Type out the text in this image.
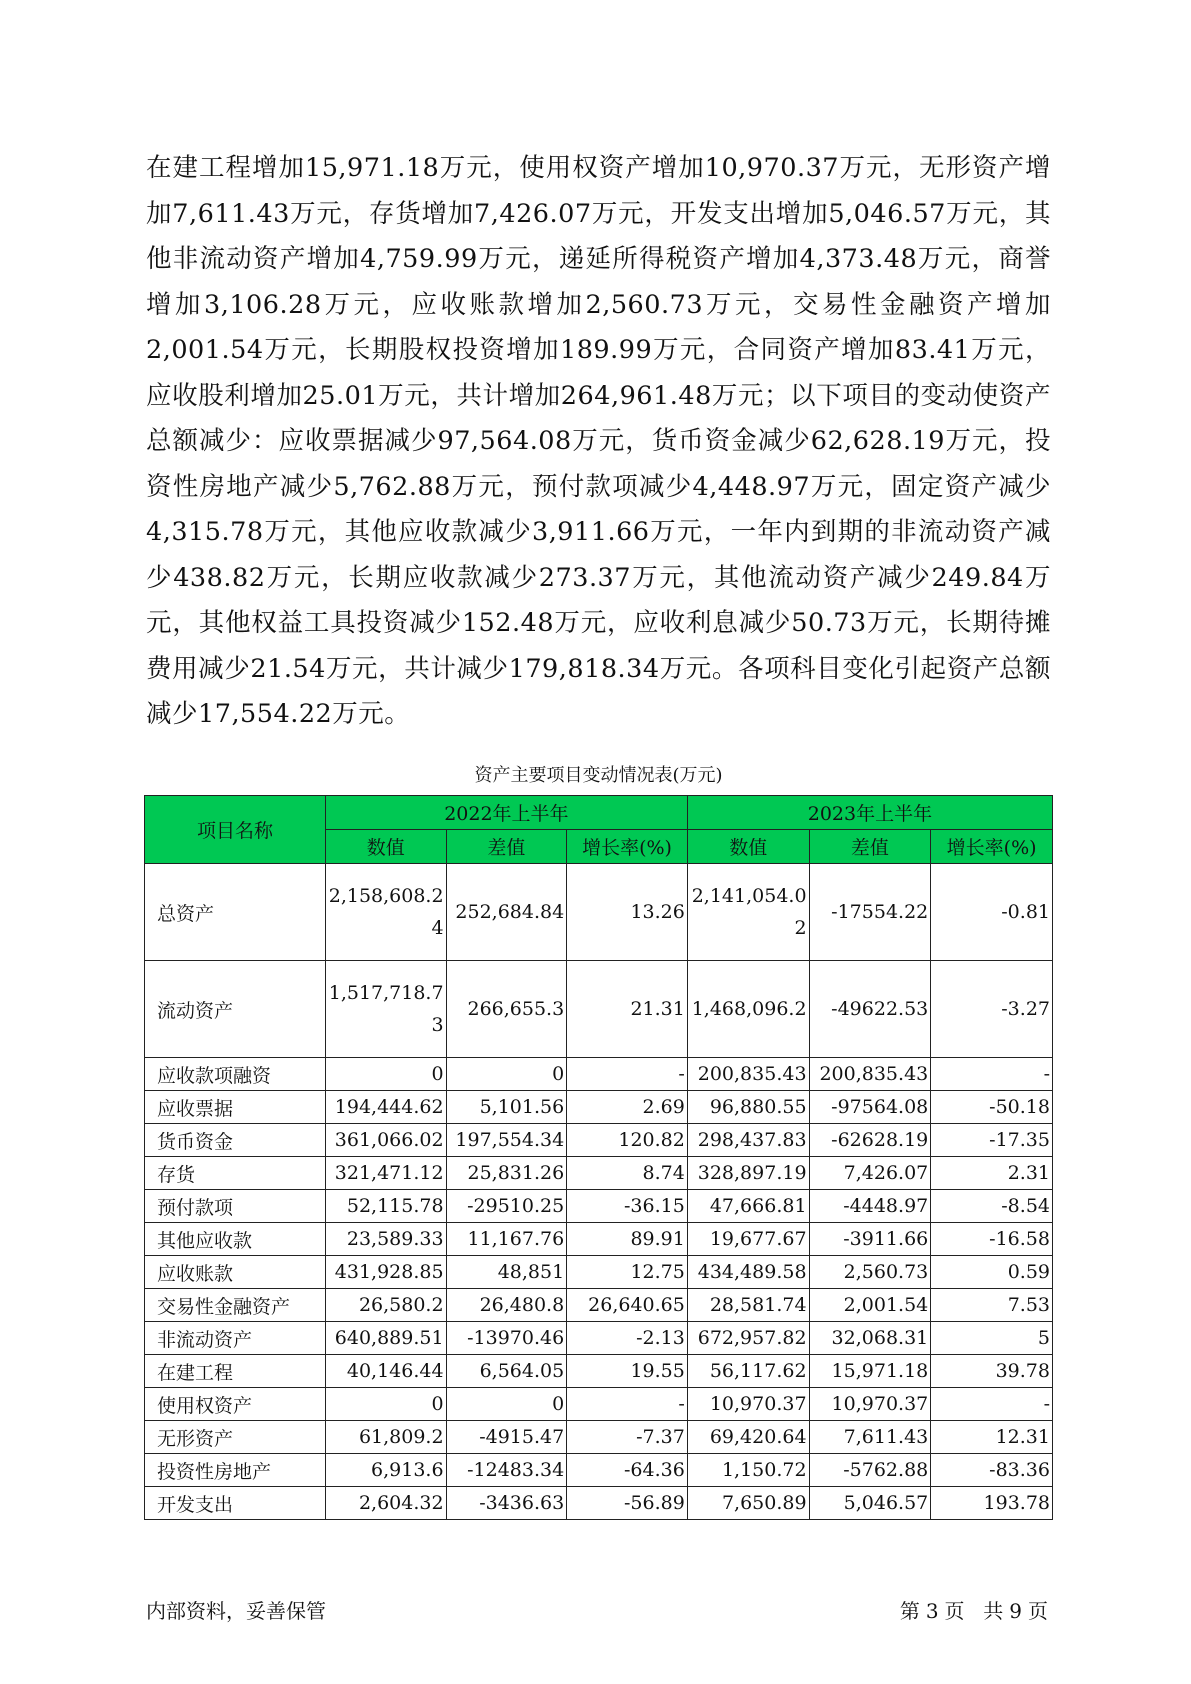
在建工程增加15,971.18万元，使用权资产增加10,970.37万元，无形资产增加7,611.43万元，存货增加7,426.07万元，开发支出增加5,046.57万元，其他非流动资产增加4,759.99万元，递延所得税资产增加4,373.48万元，商誉增加3,106.28万元，应收账款增加2,560.73万元，交易性金融资产增加2,001.54万元，长期股权投资增加189.99万元，合同资产增加83.41万元，应收股利增加25.01万元，共计增加264,961.48万元；以下项目的变动使资产总额减少：应收票据减少97,564.08万元，货币资金减少62,628.19万元，投资性房地产减少5,762.88万元，预付款项减少4,448.97万元，固定资产减少4,315.78万元，其他应收款减少3,911.66万元，一年内到期的非流动资产减少438.82万元，长期应收款减少273.37万元，其他流动资产减少249.84万元，其他权益工具投资减少152.48万元，应收利息减少50.73万元，长期待摊费用减少21.54万元，共计减少179,818.34万元。各项科目变化引起资产总额减少17,554.22万元。

资产主要项目变动情况表(万元)

项目名称	2022年上半年			2023年上半年		
	数值	差值	增长率(%)	数值	差值	增长率(%)
总资产	2,158,608.24	252,684.84	13.26	2,141,054.02	-17554.22	-0.81
流动资产	1,517,718.73	266,655.3	21.31	1,468,096.2	-49622.53	-3.27
应收款项融资	0	0	-	200,835.43	200,835.43	-
应收票据	194,444.62	5,101.56	2.69	96,880.55	-97564.08	-50.18
货币资金	361,066.02	197,554.34	120.82	298,437.83	-62628.19	-17.35
存货	321,471.12	25,831.26	8.74	328,897.19	7,426.07	2.31
预付款项	52,115.78	-29510.25	-36.15	47,666.81	-4448.97	-8.54
其他应收款	23,589.33	11,167.76	89.91	19,677.67	-3911.66	-16.58
应收账款	431,928.85	48,851	12.75	434,489.58	2,560.73	0.59
交易性金融资产	26,580.2	26,480.8	26,640.65	28,581.74	2,001.54	7.53
非流动资产	640,889.51	-13970.46	-2.13	672,957.82	32,068.31	5
在建工程	40,146.44	6,564.05	19.55	56,117.62	15,971.18	39.78
使用权资产	0	0	-	10,970.37	10,970.37	-
无形资产	61,809.2	-4915.47	-7.37	69,420.64	7,611.43	12.31
投资性房地产	6,913.6	-12483.34	-64.36	1,150.72	-5762.88	-83.36
开发支出	2,604.32	-3436.63	-56.89	7,650.89	5,046.57	193.78
内部资料，妥善保管	第 3 页 共 9 页
